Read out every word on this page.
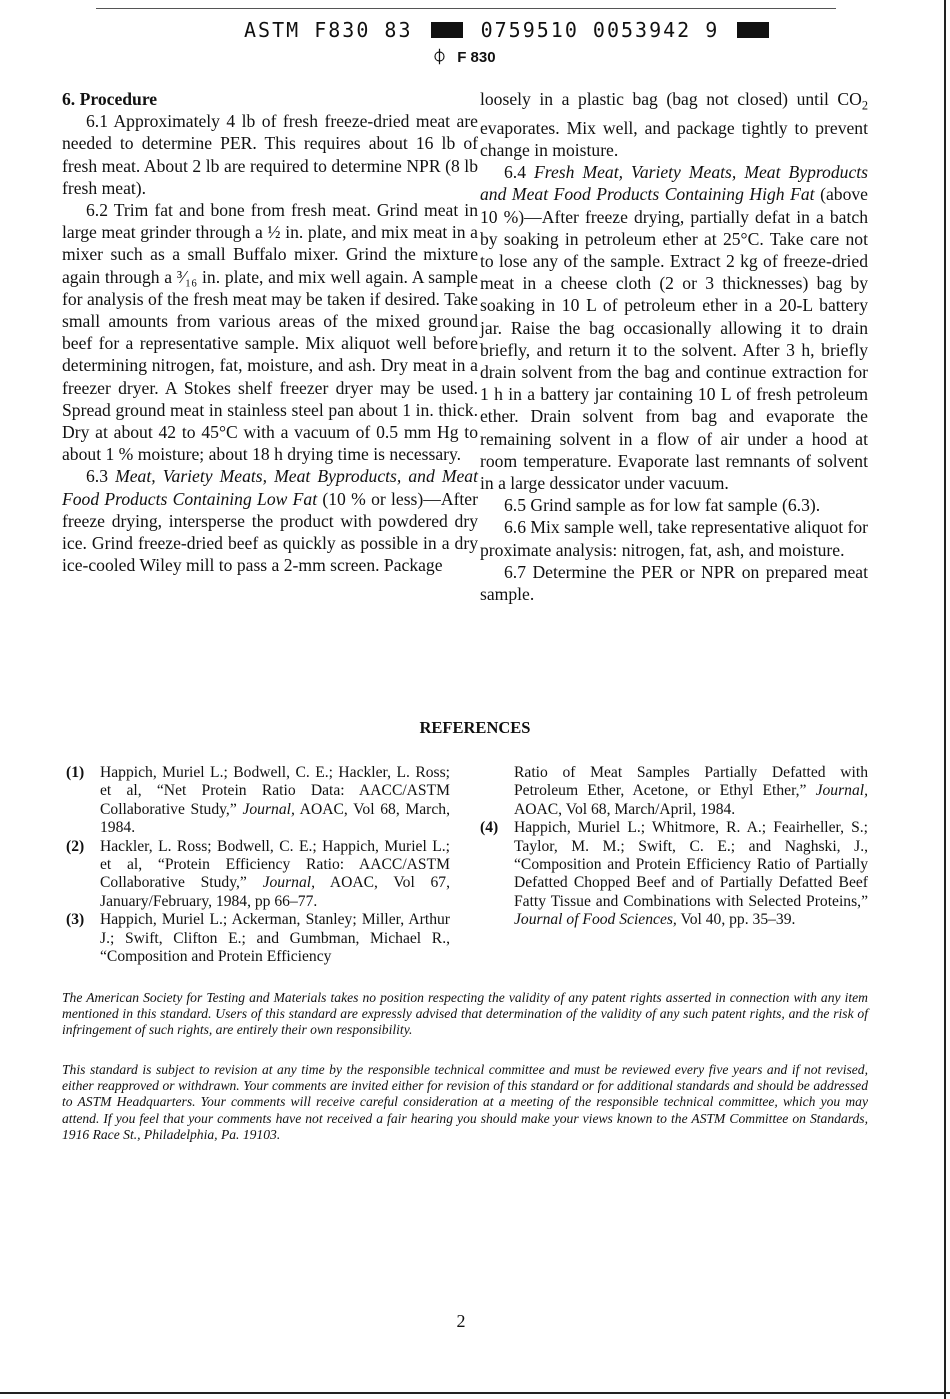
ASTM F830 83	0759510 0053942 9
⏀ F 830
6. Procedure

6.1 Approximately 4 lb of fresh freeze-dried meat are needed to determine PER. This requires about 16 lb of fresh meat. About 2 lb are required to determine NPR (8 lb fresh meat).

6.2 Trim fat and bone from fresh meat. Grind meat in large meat grinder through a ½ in. plate, and mix meat in a mixer such as a small Buffalo mixer. Grind the mixture again through a ³⁄₁₆ in. plate, and mix well again. A sample for analysis of the fresh meat may be taken if desired. Take small amounts from various areas of the mixed ground beef for a representative sample. Mix aliquot well before determining nitrogen, fat, moisture, and ash. Dry meat in a freezer dryer. A Stokes shelf freezer dryer may be used. Spread ground meat in stainless steel pan about 1 in. thick. Dry at about 42 to 45°C with a vacuum of 0.5 mm Hg to about 1 % moisture; about 18 h drying time is necessary.

6.3 Meat, Variety Meats, Meat Byproducts, and Meat Food Products Containing Low Fat (10 % or less)—After freeze drying, intersperse the product with powdered dry ice. Grind freeze-dried beef as quickly as possible in a dry ice-cooled Wiley mill to pass a 2-mm screen. Package

loosely in a plastic bag (bag not closed) until $CO_2$ evaporates. Mix well, and package tightly to prevent change in moisture.

6.4 Fresh Meat, Variety Meats, Meat Byproducts and Meat Food Products Containing High Fat (above 10 %)—After freeze drying, partially defat in a batch by soaking in petroleum ether at 25°C. Take care not to lose any of the sample. Extract 2 kg of freeze-dried meat in a cheese cloth (2 or 3 thicknesses) bag by soaking in 10 L of petroleum ether in a 20-L battery jar. Raise the bag occasionally allowing it to drain briefly, and return it to the solvent. After 3 h, briefly drain solvent from the bag and continue extraction for 1 h in a battery jar containing 10 L of fresh petroleum ether. Drain solvent from bag and evaporate the remaining solvent in a flow of air under a hood at room temperature. Evaporate last remnants of solvent in a large dessicator under vacuum.

6.5 Grind sample as for low fat sample (6.3).

6.6 Mix sample well, take representative aliquot for proximate analysis: nitrogen, fat, ash, and moisture.

6.7 Determine the PER or NPR on prepared meat sample.

REFERENCES

(1) Happich, Muriel L.; Bodwell, C. E.; Hackler, L. Ross; et al, “Net Protein Ratio Data: AACC/ASTM Collaborative Study,” Journal, AOAC, Vol 68, March, 1984.

(2) Hackler, L. Ross; Bodwell, C. E.; Happich, Muriel L.; et al, “Protein Efficiency Ratio: AACC/ASTM Collaborative Study,” Journal, AOAC, Vol 67, January/February, 1984, pp 66–77.

(3) Happich, Muriel L.; Ackerman, Stanley; Miller, Arthur J.; Swift, Clifton E.; and Gumbman, Michael R., “Composition and Protein Efficiency

Ratio of Meat Samples Partially Defatted with Petroleum Ether, Acetone, or Ethyl Ether,” Journal, AOAC, Vol 68, March/April, 1984.

(4) Happich, Muriel L.; Whitmore, R. A.; Feairheller, S.; Taylor, M. M.; Swift, C. E.; and Naghski, J., “Composition and Protein Efficiency Ratio of Partially Defatted Chopped Beef and of Partially Defatted Beef Fatty Tissue and Combinations with Selected Proteins,” Journal of Food Sciences, Vol 40, pp. 35–39.

The American Society for Testing and Materials takes no position respecting the validity of any patent rights asserted in connection with any item mentioned in this standard. Users of this standard are expressly advised that determination of the validity of any such patent rights, and the risk of infringement of such rights, are entirely their own responsibility.

This standard is subject to revision at any time by the responsible technical committee and must be reviewed every five years and if not revised, either reapproved or withdrawn. Your comments are invited either for revision of this standard or for additional standards and should be addressed to ASTM Headquarters. Your comments will receive careful consideration at a meeting of the responsible technical committee, which you may attend. If you feel that your comments have not received a fair hearing you should make your views known to the ASTM Committee on Standards, 1916 Race St., Philadelphia, Pa. 19103.

2
